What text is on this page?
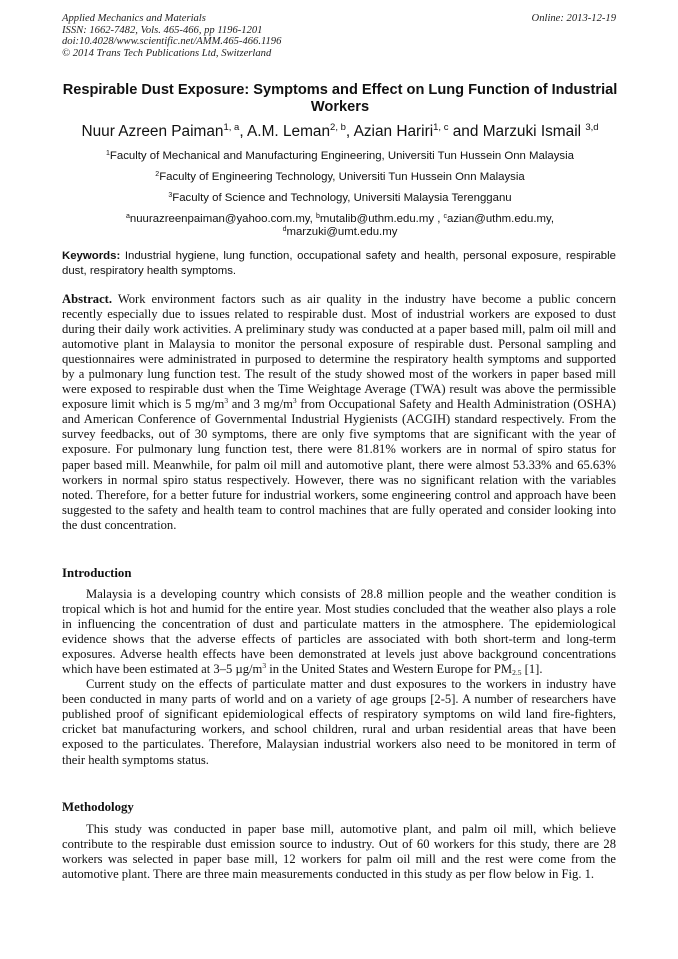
Applied Mechanics and Materials
ISSN: 1662-7482, Vols. 465-466, pp 1196-1201
doi:10.4028/www.scientific.net/AMM.465-466.1196
© 2014 Trans Tech Publications Ltd, Switzerland
Online: 2013-12-19
Respirable Dust Exposure: Symptoms and Effect on Lung Function of Industrial Workers
Nuur Azreen Paiman$^{1, a}$, A.M. Leman$^{2, b}$, Azian Hariri$^{1, c}$ and Marzuki Ismail $^{3,d}$
$^1$Faculty of Mechanical and Manufacturing Engineering, Universiti Tun Hussein Onn Malaysia
$^2$Faculty of Engineering Technology, Universiti Tun Hussein Onn Malaysia
$^3$Faculty of Science and Technology, Universiti Malaysia Terengganu
$^a$nuurazreenpaiman@yahoo.com.my, $^b$mutalib@uthm.edu.my , $^c$azian@uthm.edu.my,
$^d$marzuki@umt.edu.my
Keywords: Industrial hygiene, lung function, occupational safety and health, personal exposure, respirable dust, respiratory health symptoms.

Abstract. Work environment factors such as air quality in the industry have become a public concern recently especially due to issues related to respirable dust. Most of industrial workers are exposed to dust during their daily work activities. A preliminary study was conducted at a paper based mill, palm oil mill and automotive plant in Malaysia to monitor the personal exposure of respirable dust. Personal sampling and questionnaires were administrated in purposed to determine the respiratory health symptoms and supported by a pulmonary lung function test. The result of the study showed most of the workers in paper based mill were exposed to respirable dust when the Time Weightage Average (TWA) result was above the permissible exposure limit which is 5 $mg/m^3$ and 3 $mg/m^3$ from Occupational Safety and Health Administration (OSHA) and American Conference of Governmental Industrial Hygienists (ACGIH) standard respectively. From the survey feedbacks, out of 30 symptoms, there are only five symptoms that are significant with the year of exposure. For pulmonary lung function test, there were 81.81% workers are in normal of spiro status for paper based mill. Meanwhile, for palm oil mill and automotive plant, there were almost 53.33% and 65.63% workers in normal spiro status respectively. However, there was no significant relation with the variables noted. Therefore, for a better future for industrial workers, some engineering control and approach have been suggested to the safety and health team to control machines that are fully operated and consider looking into the dust concentration.

Introduction

Malaysia is a developing country which consists of 28.8 million people and the weather condition is tropical which is hot and humid for the entire year. Most studies concluded that the weather also plays a role in influencing the concentration of dust and particulate matters in the atmosphere. The epidemiological evidence shows that the adverse effects of particles are associated with both short-term and long-term exposures. Adverse health effects have been demonstrated at levels just above background concentrations which have been estimated at 3–5 $\mu g/m^3$ in the United States and Western Europe for $PM_{2.5}$ [1].

Current study on the effects of particulate matter and dust exposures to the workers in industry have been conducted in many parts of world and on a variety of age groups [2-5]. A number of researchers have published proof of significant epidemiological effects of respiratory symptoms on wild land fire-fighters, cricket bat manufacturing workers, and school children, rural and urban residential areas that have been exposed to the particulates. Therefore, Malaysian industrial workers also need to be monitored in term of their health symptoms status.

Methodology

This study was conducted in paper base mill, automotive plant, and palm oil mill, which believe contribute to the respirable dust emission source to industry. Out of 60 workers for this study, there are 28 workers was selected in paper base mill, 12 workers for palm oil mill and the rest were come from the automotive plant. There are three main measurements conducted in this study as per flow below in Fig. 1.
